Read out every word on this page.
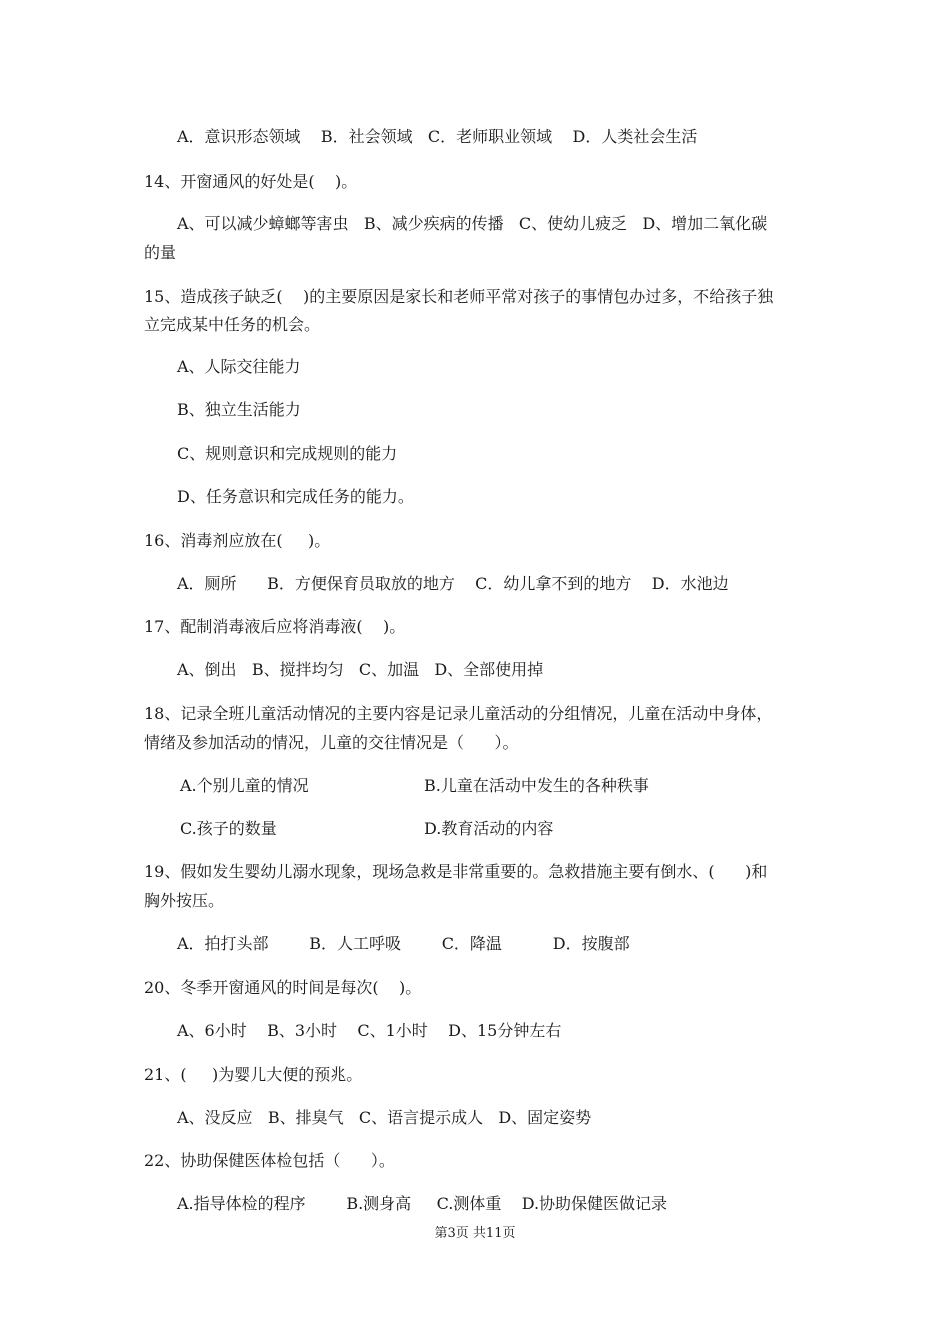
A．意识形态领域    B．社会领域   C．老师职业领域    D．人类社会生活
14、开窗通风的好处是(    )。
A、可以减少蟑螂等害虫   B、减少疾病的传播   C、使幼儿疲乏   D、增加二氧化碳
的量
15、造成孩子缺乏(    )的主要原因是家长和老师平常对孩子的事情包办过多，不给孩子独
立完成某中任务的机会。
A、人际交往能力
B、独立生活能力
C、规则意识和完成规则的能力
D、任务意识和完成任务的能力。
16、消毒剂应放在(     )。
A．厕所      B．方便保育员取放的地方    C．幼儿拿不到的地方    D．水池边
17、配制消毒液后应将消毒液(    )。
A、倒出   B、搅拌均匀   C、加温   D、全部使用掉
18、记录全班儿童活动情况的主要内容是记录儿童活动的分组情况，儿童在活动中身体，
情绪及参加活动的情况，儿童的交往情况是（      ）。
A.个别儿童的情况	B.儿童在活动中发生的各种秩事
C.孩子的数量	D.教育活动的内容
19、假如发生婴幼儿溺水现象，现场急救是非常重要的。急救措施主要有倒水、(      )和
胸外按压。
A．拍打头部        B．人工呼吸        C．降温          D．按腹部
20、冬季开窗通风的时间是每次(    )。
A、6小时    B、3小时    C、1小时    D、15分钟左右
21、(     )为婴儿大便的预兆。
A、没反应   B、排臭气   C、语言提示成人   D、固定姿势
22、协助保健医体检包括（      ）。
A.指导体检的程序        B.测身高     C.测体重    D.协助保健医做记录
第3页 共11页
